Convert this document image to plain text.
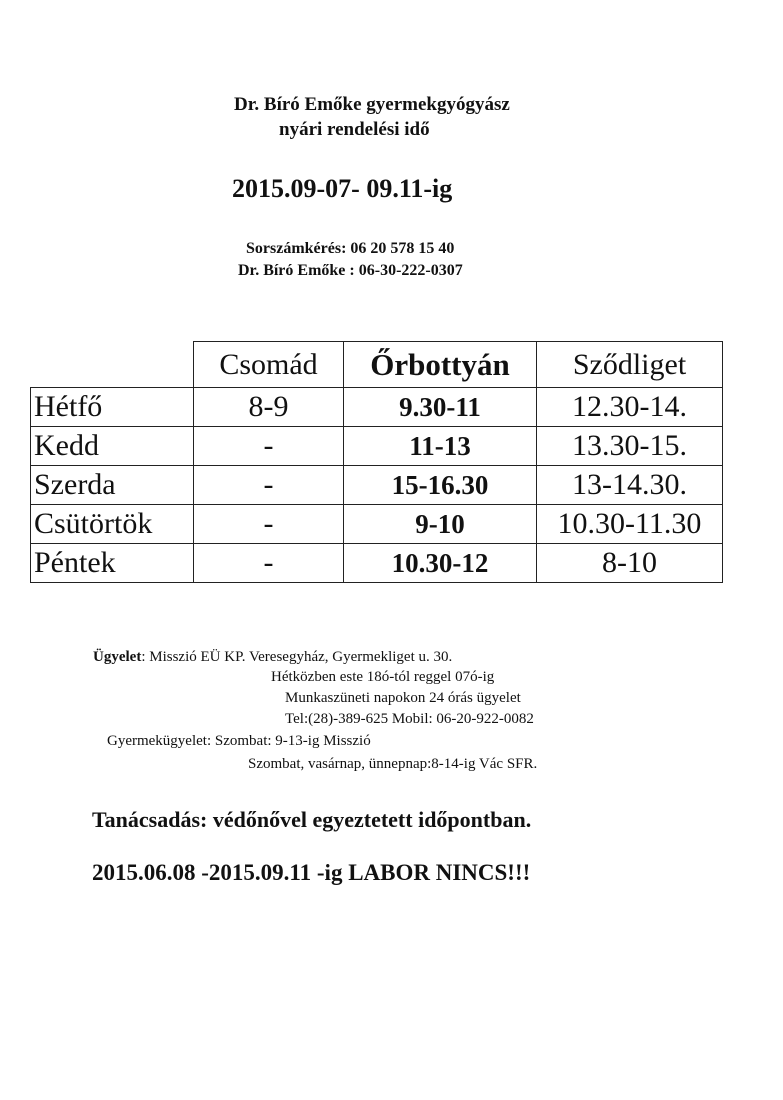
Dr. Bíró Emőke gyermekgyógyász
nyári rendelési idő
2015.09-07- 09.11-ig
Sorszámkérés: 06 20 578 15 40
Dr. Bíró Emőke : 06-30-222-0307
	Csomád	Őrbottyán	Sződliget
Hétfő	8-9	9.30-11	12.30-14.
Kedd	-	11-13	13.30-15.
Szerda	-	15-16.30	13-14.30.
Csütörtök	-	9-10	10.30-11.30
Péntek	-	10.30-12	8-10
Ügyelet: Misszió EÜ KP. Veresegyház, Gyermekliget u. 30.
Hétközben este 18ó-tól reggel 07ó-ig
Munkaszüneti napokon 24 órás ügyelet
Tel:(28)-389-625 Mobil: 06-20-922-0082
Gyermekügyelet: Szombat: 9-13-ig Misszió
Szombat, vasárnap, ünnepnap:8-14-ig Vác SFR.
Tanácsadás: védőnővel egyeztetett időpontban.
2015.06.08 -2015.09.11 -ig LABOR NINCS!!!
